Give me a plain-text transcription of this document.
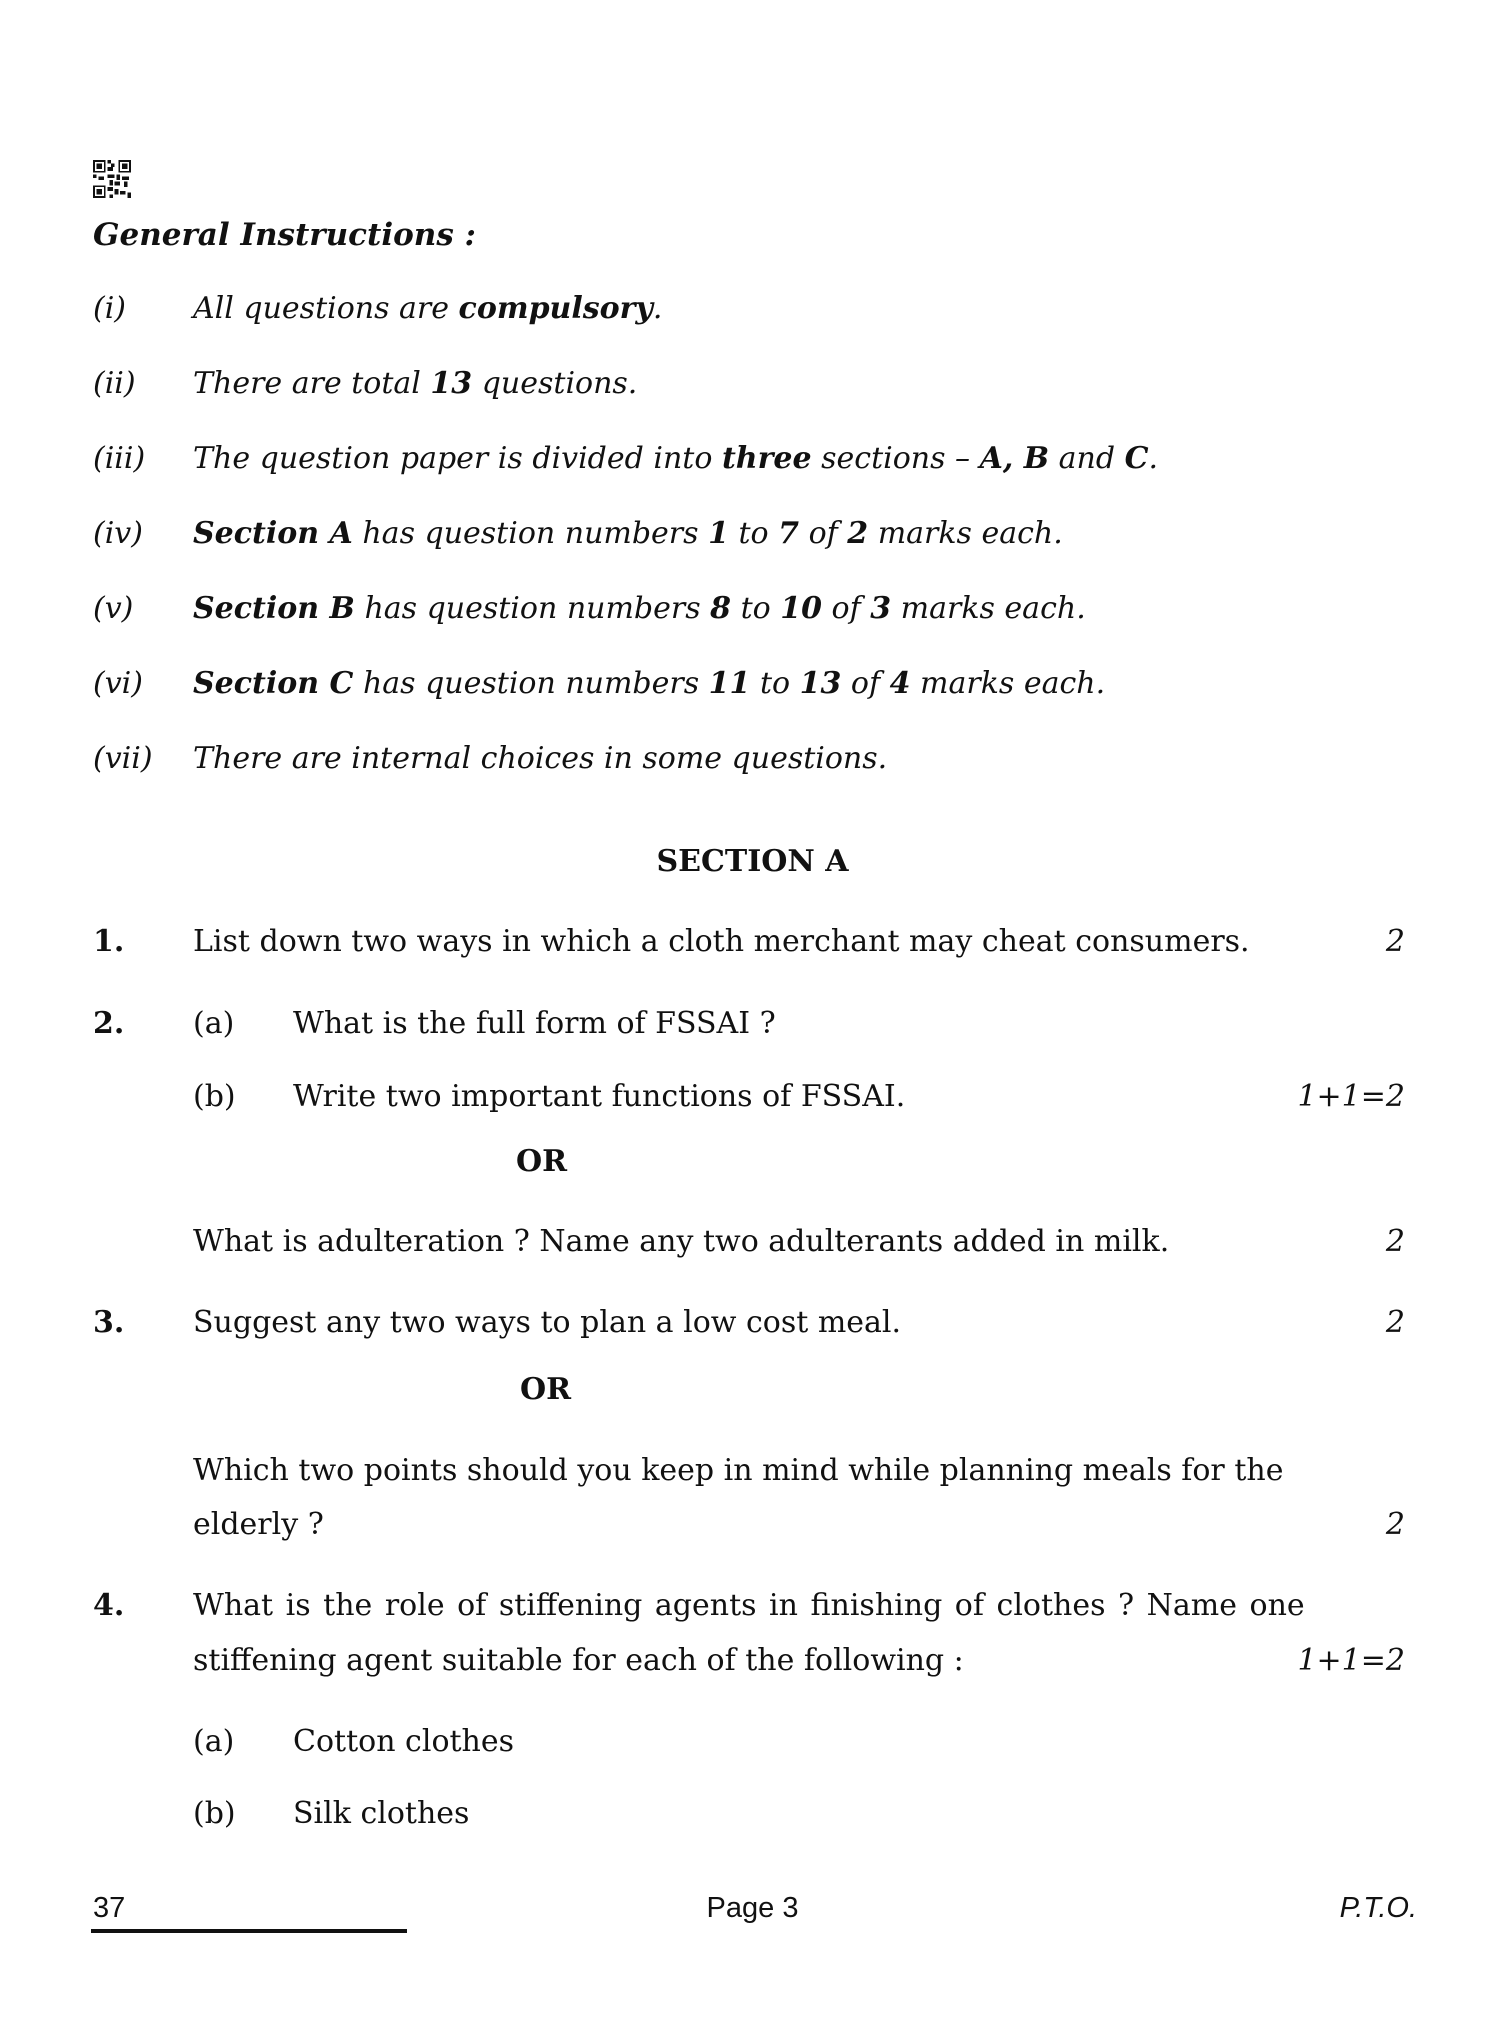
General Instructions :
(i) All questions are compulsory.
(ii) There are total 13 questions.
(iii) The question paper is divided into three sections – A, B and C.
(iv) Section A has question numbers 1 to 7 of 2 marks each.
(v) Section B has question numbers 8 to 10 of 3 marks each.
(vi) Section C has question numbers 11 to 13 of 4 marks each.
(vii) There are internal choices in some questions.
SECTION A
1. List down two ways in which a cloth merchant may cheat consumers.	2
2. (a) What is the full form of FSSAI ?
(b) Write two important functions of FSSAI.	1+1=2
OR
What is adulteration ? Name any two adulterants added in milk.	2
3. Suggest any two ways to plan a low cost meal.	2
OR
Which two points should you keep in mind while planning meals for the
elderly ?	2
4. What is the role of stiffening agents in finishing of clothes ? Name one
stiffening agent suitable for each of the following :	1+1=2
(a) Cotton clothes
(b) Silk clothes
37	Page 3	P.T.O.
